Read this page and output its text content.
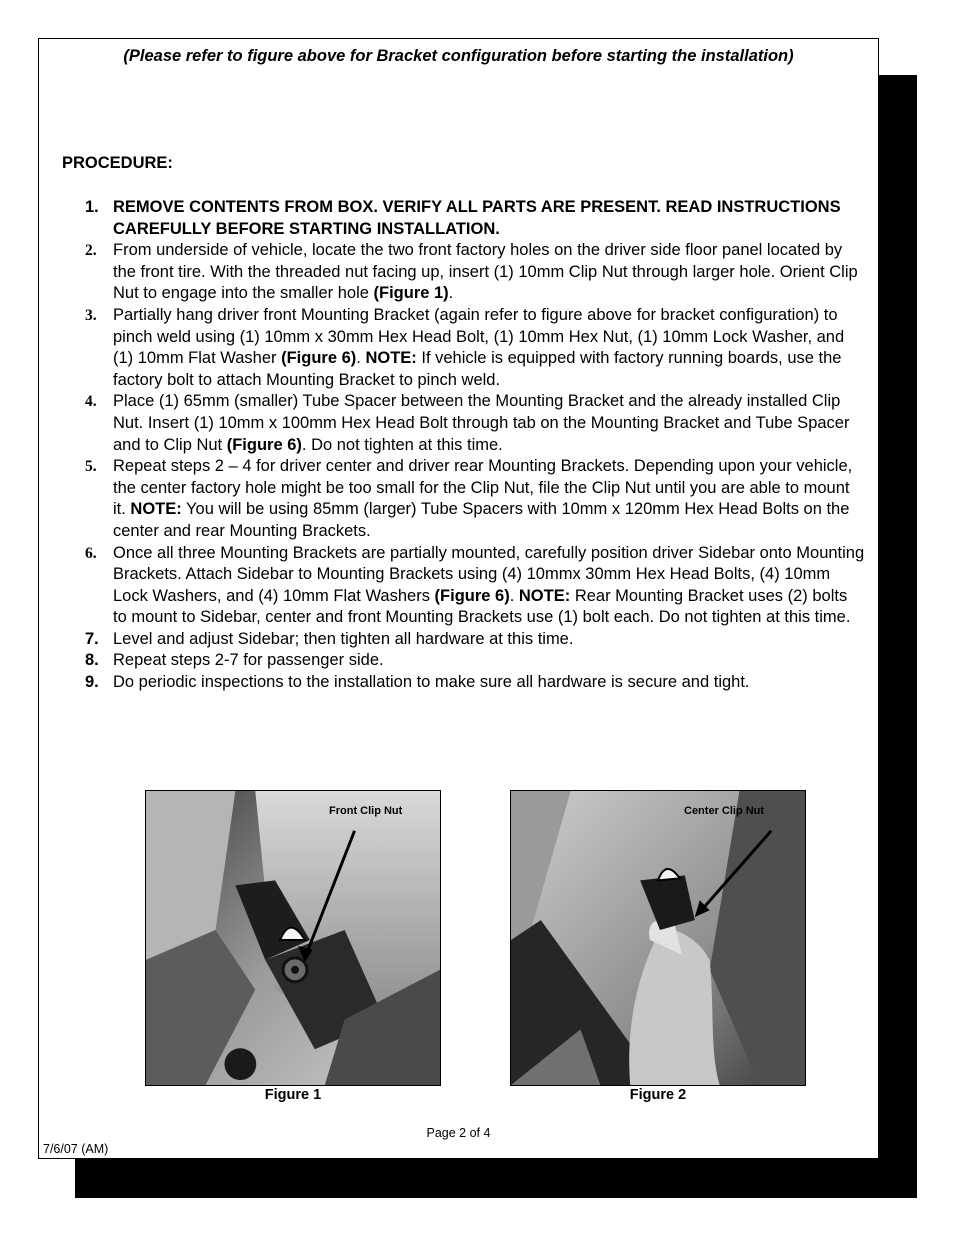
(Please refer to figure above for Bracket configuration before starting the installation)
PROCEDURE:
1. REMOVE CONTENTS FROM BOX. VERIFY ALL PARTS ARE PRESENT. READ INSTRUCTIONS CAREFULLY BEFORE STARTING INSTALLATION.
2. From underside of vehicle, locate the two front factory holes on the driver side floor panel located by the front tire. With the threaded nut facing up, insert (1) 10mm Clip Nut through larger hole. Orient Clip Nut to engage into the smaller hole (Figure 1).
3. Partially hang driver front Mounting Bracket (again refer to figure above for bracket configuration) to pinch weld using (1) 10mm x 30mm Hex Head Bolt, (1) 10mm Hex Nut, (1) 10mm Lock Washer, and (1) 10mm Flat Washer (Figure 6). NOTE: If vehicle is equipped with factory running boards, use the factory bolt to attach Mounting Bracket to pinch weld.
4. Place (1) 65mm (smaller) Tube Spacer between the Mounting Bracket and the already installed Clip Nut. Insert (1) 10mm x 100mm Hex Head Bolt through tab on the Mounting Bracket and Tube Spacer and to Clip Nut (Figure 6). Do not tighten at this time.
5. Repeat steps 2 – 4 for driver center and driver rear Mounting Brackets. Depending upon your vehicle, the center factory hole might be too small for the Clip Nut, file the Clip Nut until you are able to mount it. NOTE: You will be using 85mm (larger) Tube Spacers with 10mm x 120mm Hex Head Bolts on the center and rear Mounting Brackets.
6. Once all three Mounting Brackets are partially mounted, carefully position driver Sidebar onto Mounting Brackets. Attach Sidebar to Mounting Brackets using (4) 10mmx 30mm Hex Head Bolts, (4) 10mm Lock Washers, and (4) 10mm Flat Washers (Figure 6). NOTE: Rear Mounting Bracket uses (2) bolts to mount to Sidebar, center and front Mounting Brackets use (1) bolt each. Do not tighten at this time.
7. Level and adjust Sidebar; then tighten all hardware at this time.
8. Repeat steps 2-7 for passenger side.
9. Do periodic inspections to the installation to make sure all hardware is secure and tight.
Front Clip Nut
Figure 1
Center Clip Nut
Figure 2
Page 2 of 4
7/6/07 (AM)
